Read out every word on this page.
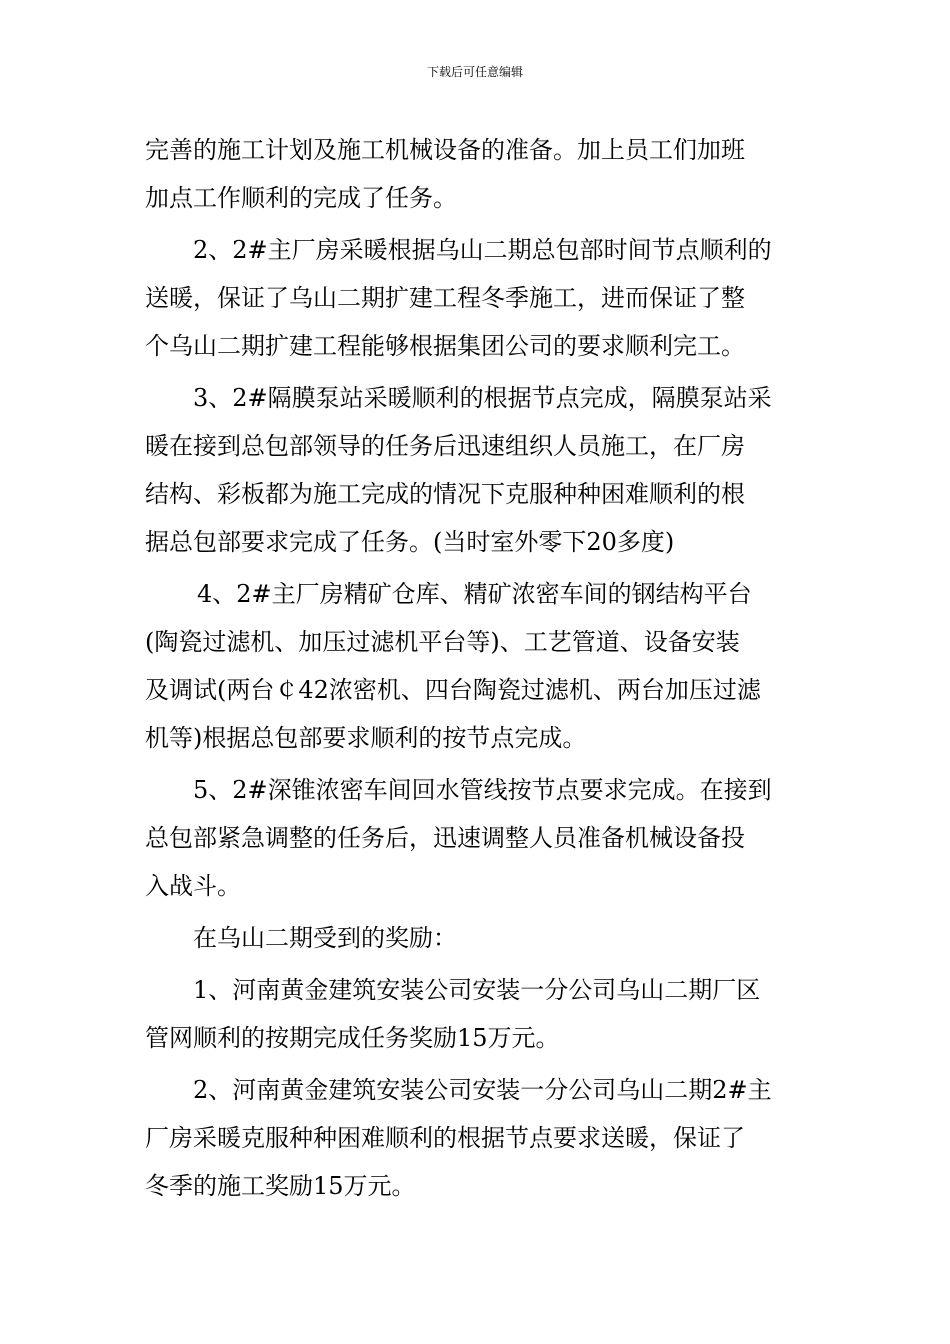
下载后可任意编辑

完善的施工计划及施工机械设备的准备。加上员工们加班

加点工作顺利的完成了任务。

2、2#主厂房采暖根据乌山二期总包部时间节点顺利的

送暖，保证了乌山二期扩建工程冬季施工，进而保证了整

个乌山二期扩建工程能够根据集团公司的要求顺利完工。

3、2#隔膜泵站采暖顺利的根据节点完成，隔膜泵站采

暖在接到总包部领导的任务后迅速组织人员施工，在厂房

结构、彩板都为施工完成的情况下克服种种困难顺利的根

据总包部要求完成了任务。(当时室外零下20多度)

4、2#主厂房精矿仓库、精矿浓密车间的钢结构平台

(陶瓷过滤机、加压过滤机平台等)、工艺管道、设备安装

及调试(两台￠42浓密机、四台陶瓷过滤机、两台加压过滤

机等)根据总包部要求顺利的按节点完成。

5、2#深锥浓密车间回水管线按节点要求完成。在接到

总包部紧急调整的任务后，迅速调整人员准备机械设备投

入战斗。

在乌山二期受到的奖励：

1、河南黄金建筑安装公司安装一分公司乌山二期厂区

管网顺利的按期完成任务奖励15万元。

2、河南黄金建筑安装公司安装一分公司乌山二期2#主

厂房采暖克服种种困难顺利的根据节点要求送暖，保证了

冬季的施工奖励15万元。
